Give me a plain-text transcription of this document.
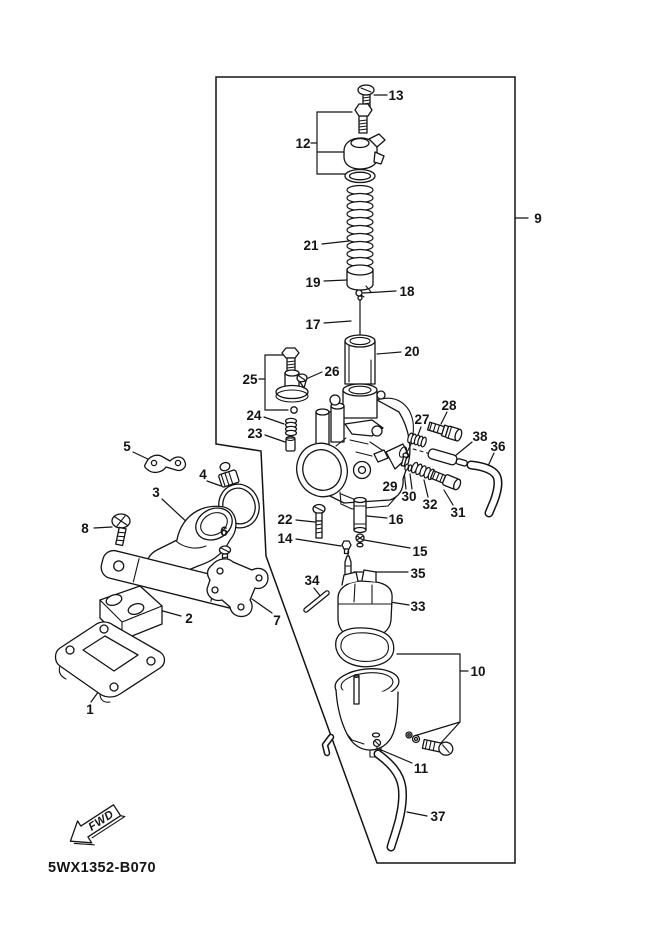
FWD
5WX1352-B070
1
2
3
4
5
6
7
8
9
10
11
12
13
14
15
16
17
18
19
20
21
22
23
24
25
26
27
28
29
30
31
32
33
34	35
36
37
38
